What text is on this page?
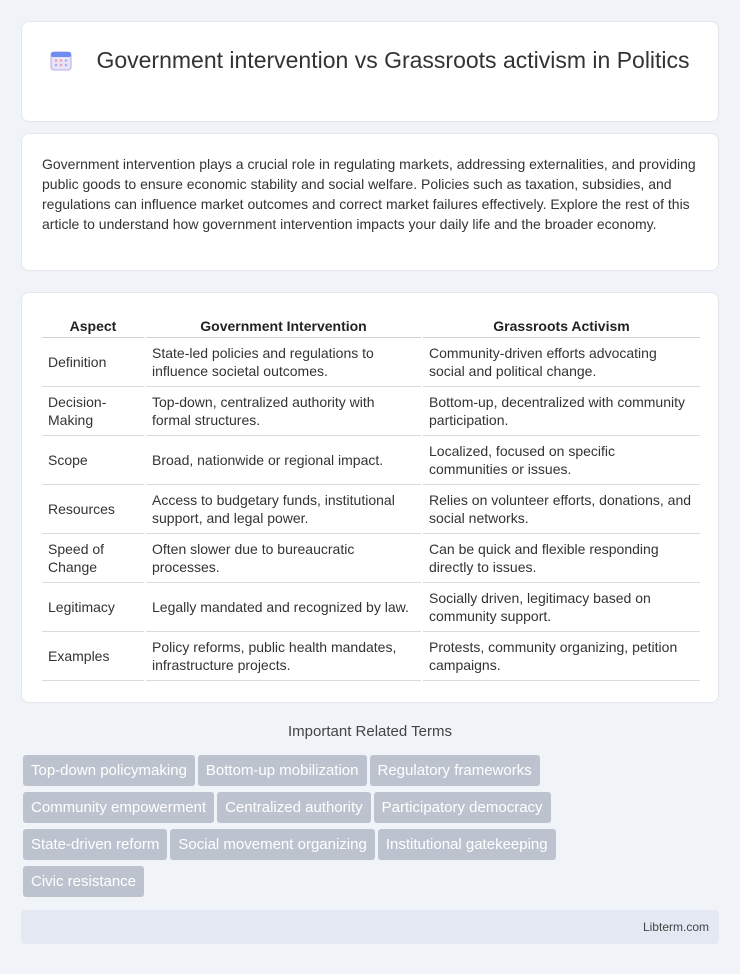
Government intervention vs Grassroots activism in Politics

Government intervention plays a crucial role in regulating markets, addressing externalities, and providing public goods to ensure economic stability and social welfare. Policies such as taxation, subsidies, and regulations can influence market outcomes and correct market failures effectively. Explore the rest of this article to understand how government intervention impacts your daily life and the broader economy.

Aspect	Government Intervention	Grassroots Activism
Definition	State-led policies and regulations to influence societal outcomes.	Community-driven efforts advocating social and political change.
Decision-Making	Top-down, centralized authority with formal structures.	Bottom-up, decentralized with community participation.
Scope	Broad, nationwide or regional impact.	Localized, focused on specific communities or issues.
Resources	Access to budgetary funds, institutional support, and legal power.	Relies on volunteer efforts, donations, and social networks.
Speed of Change	Often slower due to bureaucratic processes.	Can be quick and flexible responding directly to issues.
Legitimacy	Legally mandated and recognized by law.	Socially driven, legitimacy based on community support.
Examples	Policy reforms, public health mandates, infrastructure projects.	Protests, community organizing, petition campaigns.
Important Related Terms
Top-down policymaking Bottom-up mobilization Regulatory frameworks
Community empowerment Centralized authority Participatory democracy
State-driven reform Social movement organizing Institutional gatekeeping
Civic resistance
Libterm.com
